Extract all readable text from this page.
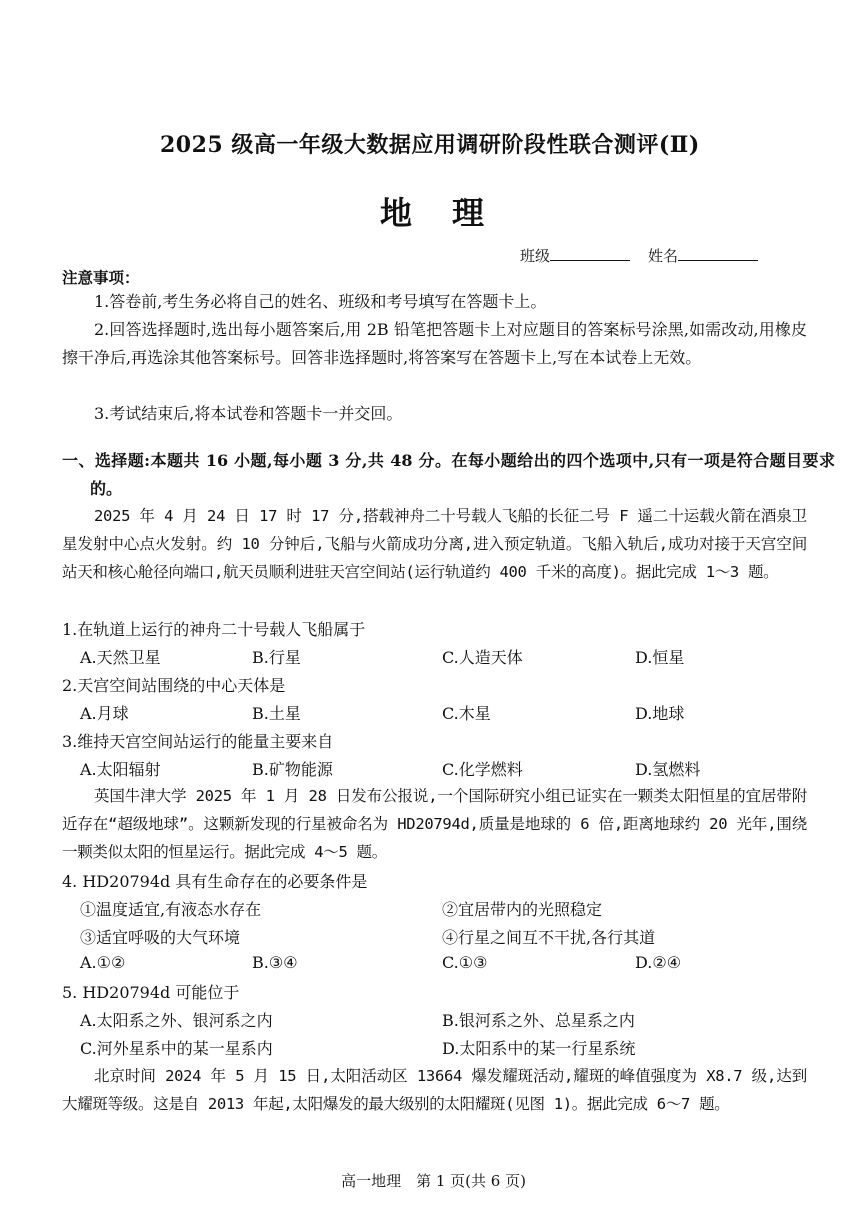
2025 级高一年级大数据应用调研阶段性联合测评(Ⅱ)
地理
班级	姓名
注意事项：
1.答卷前,考生务必将自己的姓名、班级和考号填写在答题卡上。
2.回答选择题时,选出每小题答案后,用 2B 铅笔把答题卡上对应题目的答案标号涂黑,如需改动,用橡皮擦干净后,再选涂其他答案标号。回答非选择题时,将答案写在答题卡上,写在本试卷上无效。
3.考试结束后,将本试卷和答题卡一并交回。
一、选择题:本题共 16 小题,每小题 3 分,共 48 分。在每小题给出的四个选项中,只有一项是符合题目要求的。
2025 年 4 月 24 日 17 时 17 分,搭载神舟二十号载人飞船的长征二号 F 遥二十运载火箭在酒泉卫星发射中心点火发射。约 10 分钟后,飞船与火箭成功分离,进入预定轨道。飞船入轨后,成功对接于天宫空间站天和核心舱径向端口,航天员顺利进驻天宫空间站(运行轨道约 400 千米的高度)。据此完成 1～3 题。
1.在轨道上运行的神舟二十号载人飞船属于
A.天然卫星	B.行星	C.人造天体	D.恒星
2.天宫空间站围绕的中心天体是
A.月球	B.土星	C.木星	D.地球
3.维持天宫空间站运行的能量主要来自
A.太阳辐射	B.矿物能源	C.化学燃料	D.氢燃料
英国牛津大学 2025 年 1 月 28 日发布公报说,一个国际研究小组已证实在一颗类太阳恒星的宜居带附近存在“超级地球”。这颗新发现的行星被命名为 HD20794d,质量是地球的 6 倍,距离地球约 20 光年,围绕一颗类似太阳的恒星运行。据此完成 4～5 题。
4. HD20794d 具有生命存在的必要条件是
①温度适宜,有液态水存在	②宜居带内的光照稳定
③适宜呼吸的大气环境	④行星之间互不干扰,各行其道
A.①②	B.③④	C.①③	D.②④
5. HD20794d 可能位于
A.太阳系之外、银河系之内	B.银河系之外、总星系之内
C.河外星系中的某一星系内	D.太阳系中的某一行星系统
北京时间 2024 年 5 月 15 日,太阳活动区 13664 爆发耀斑活动,耀斑的峰值强度为 X8.7 级,达到大耀斑等级。这是自 2013 年起,太阳爆发的最大级别的太阳耀斑(见图 1)。据此完成 6～7 题。
高一地理　第 1 页(共 6 页)
